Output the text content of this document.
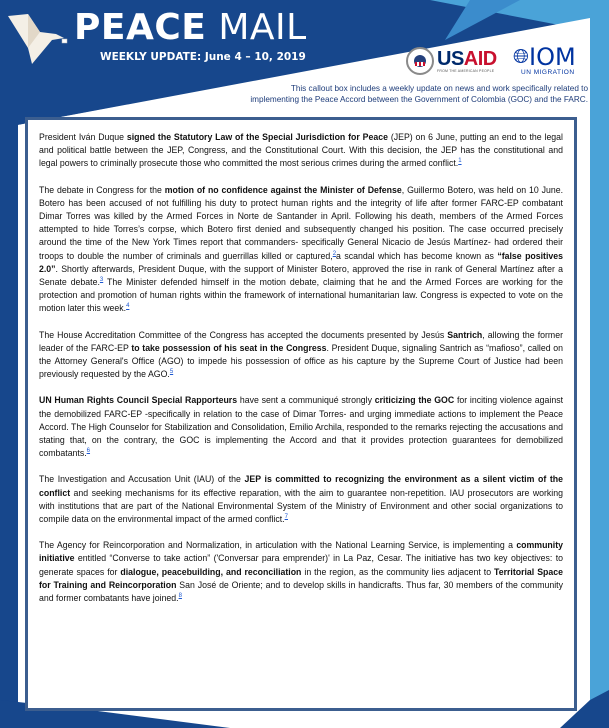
PEACE MAIL
WEEKLY UPDATE: June 4 – 10, 2019	USAID
FROM THE AMERICAN PEOPLE
🌐︎ IOM
UN MIGRATION
This callout box includes a weekly update on news and work specifically related to
implementing the Peace Accord between the Government of Colombia (GOC) and the FARC.

President Iván Duque signed the Statutory Law of the Special Jurisdiction for Peace (JEP) on 6 June, putting an end to the legal and political battle between the JEP, Congress, and the Constitutional Court. With this decision, the JEP has the constitutional and legal powers to criminally prosecute those who committed the most serious crimes during the armed conflict.$^1$

The debate in Congress for the motion of no confidence against the Minister of Defense, Guillermo Botero, was held on 10 June. Botero has been accused of not fulfilling his duty to protect human rights and the integrity of life after former FARC-EP combatant Dimar Torres was killed by the Armed Forces in Norte de Santander in April. Following his death, members of the Armed Forces attempted to hide Torres’s corpse, which Botero first denied and subsequently changed his position. The case occurred precisely around the time of the New York Times report that commanders- specifically General Nicacio de Jesús Martínez- had ordered their troops to double the number of criminals and guerrillas killed or captured,$^2$a scandal which has become known as “false positives 2.0”. Shortly afterwards, President Duque, with the support of Minister Botero, approved the rise in rank of General Martínez after a Senate debate.$^3$ The Minister defended himself in the motion debate, claiming that he and the Armed Forces are working for the protection and promotion of human rights within the framework of international humanitarian law. Congress is expected to vote on the motion later this week.$^4$

The House Accreditation Committee of the Congress has accepted the documents presented by Jesús Santrich, allowing the former leader of the FARC-EP to take possession of his seat in the Congress. President Duque, signaling Santrich as “mafioso”, called on the Attorney General's Office (AGO) to impede his possession of office as his capture by the Supreme Court of Justice had been previously requested by the AGO.$^5$

UN Human Rights Council Special Rapporteurs have sent a communiqué strongly criticizing the GOC for inciting violence against the demobilized FARC-EP -specifically in relation to the case of Dimar Torres- and urging immediate actions to implement the Peace Accord. The High Counselor for Stabilization and Consolidation, Emilio Archila, responded to the remarks rejecting the accusations and stating that, on the contrary, the GOC is implementing the Accord and that it provides protection guarantees for demobilized combatants.$^6$

The Investigation and Accusation Unit (IAU) of the JEP is committed to recognizing the environment as a silent victim of the conflict and seeking mechanisms for its effective reparation, with the aim to guarantee non-repetition. IAU prosecutors are working with institutions that are part of the National Environmental System of the Ministry of Environment and other social organizations to compile data on the environmental impact of the armed conflict.$^7$

The Agency for Reincorporation and Normalization, in articulation with the National Learning Service, is implementing a community initiative entitled “Converse to take action” ('Conversar para emprender)' in La Paz, Cesar. The initiative has two key objectives: to generate spaces for dialogue, peacebuilding, and reconciliation in the region, as the community lies adjacent to Territorial Space for Training and Reincorporation San José de Oriente; and to develop skills in handicrafts. Thus far, 30 members of the community and former combatants have joined.$^8$
